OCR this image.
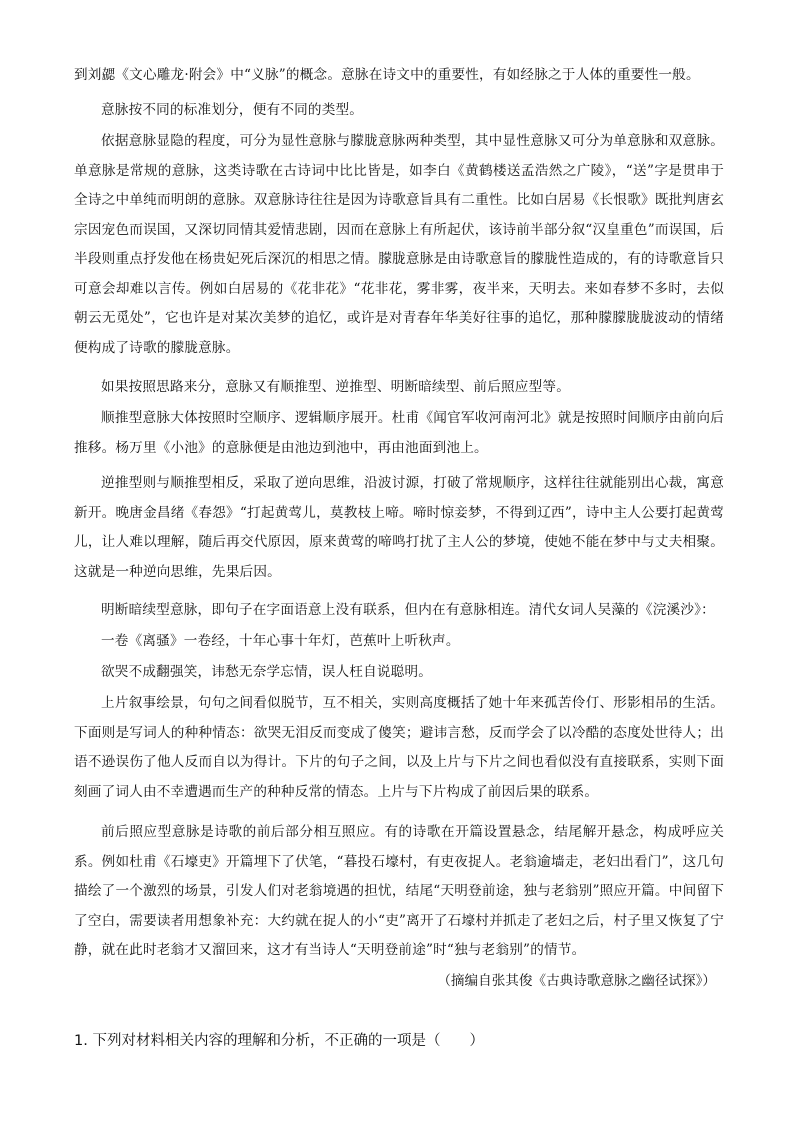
到刘勰《文心雕龙·附会》中“义脉”的概念。意脉在诗文中的重要性，有如经脉之于人体的重要性一般。

意脉按不同的标准划分，便有不同的类型。

依据意脉显隐的程度，可分为显性意脉与朦胧意脉两种类型，其中显性意脉又可分为单意脉和双意脉。单意脉是常规的意脉，这类诗歌在古诗词中比比皆是，如李白《黄鹤楼送孟浩然之广陵》，“送”字是贯串于全诗之中单纯而明朗的意脉。双意脉诗往往是因为诗歌意旨具有二重性。比如白居易《长恨歌》既批判唐玄宗因宠色而误国，又深切同情其爱情悲剧，因而在意脉上有所起伏，该诗前半部分叙“汉皇重色”而误国，后半段则重点抒发他在杨贵妃死后深沉的相思之情。朦胧意脉是由诗歌意旨的朦胧性造成的，有的诗歌意旨只可意会却难以言传。例如白居易的《花非花》“花非花，雾非雾，夜半来，天明去。来如春梦不多时，去似朝云无觅处”，它也许是对某次美梦的追忆，或许是对青春年华美好往事的追忆，那种朦朦胧胧波动的情绪便构成了诗歌的朦胧意脉。

如果按照思路来分，意脉又有顺推型、逆推型、明断暗续型、前后照应型等。

顺推型意脉大体按照时空顺序、逻辑顺序展开。杜甫《闻官军收河南河北》就是按照时间顺序由前向后推移。杨万里《小池》的意脉便是由池边到池中，再由池面到池上。

逆推型则与顺推型相反，采取了逆向思维，沿波讨源，打破了常规顺序，这样往往就能别出心裁，寓意新开。晚唐金昌绪《春怨》“打起黄莺儿，莫教枝上啼。啼时惊妾梦，不得到辽西”，诗中主人公要打起黄莺儿，让人难以理解，随后再交代原因，原来黄莺的啼鸣打扰了主人公的梦境，使她不能在梦中与丈夫相聚。这就是一种逆向思维，先果后因。

明断暗续型意脉，即句子在字面语意上没有联系，但内在有意脉相连。清代女词人吴藻的《浣溪沙》：

一卷《离骚》一卷经，十年心事十年灯，芭蕉叶上听秋声。

欲哭不成翻强笑，讳愁无奈学忘情，误人枉自说聪明。

上片叙事绘景，句句之间看似脱节，互不相关，实则高度概括了她十年来孤苦伶仃、形影相吊的生活。下面则是写词人的种种情态：欲哭无泪反而变成了傻笑；避讳言愁，反而学会了以冷酷的态度处世待人；出语不逊误伤了他人反而自以为得计。下片的句子之间，以及上片与下片之间也看似没有直接联系，实则下面刻画了词人由不幸遭遇而生产的种种反常的情态。上片与下片构成了前因后果的联系。

前后照应型意脉是诗歌的前后部分相互照应。有的诗歌在开篇设置悬念，结尾解开悬念，构成呼应关系。例如杜甫《石壕吏》开篇埋下了伏笔，“暮投石壕村，有吏夜捉人。老翁逾墙走，老妇出看门”，这几句描绘了一个激烈的场景，引发人们对老翁境遇的担忧，结尾“天明登前途，独与老翁别”照应开篇。中间留下了空白，需要读者用想象补充：大约就在捉人的小“吏”离开了石壕村并抓走了老妇之后，村子里又恢复了宁静，就在此时老翁才又溜回来，这才有当诗人“天明登前途”时“独与老翁别”的情节。

（摘编自张其俊《古典诗歌意脉之幽径试探》）
1. 下列对材料相关内容的理解和分析，不正确的一项是（　　）
